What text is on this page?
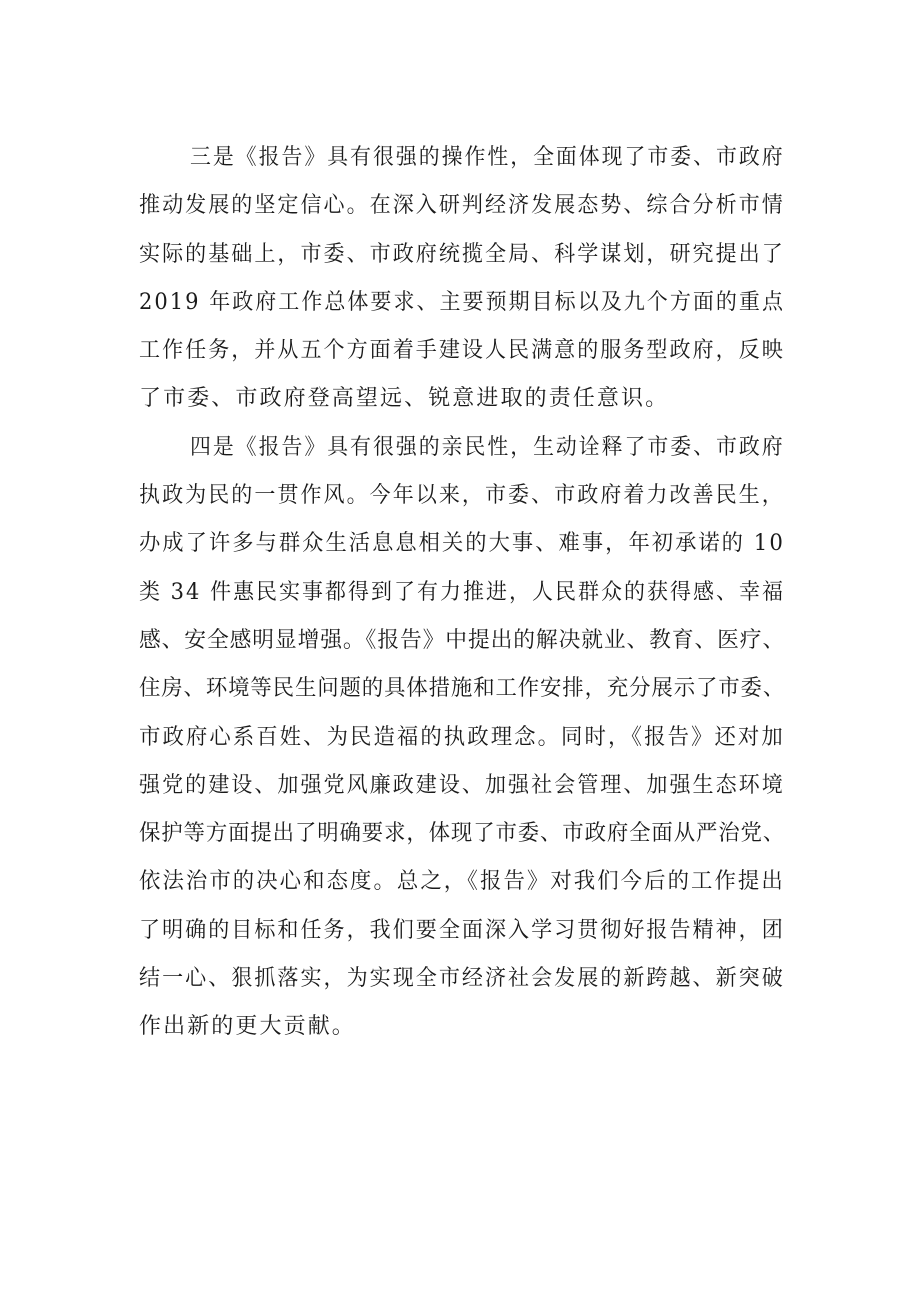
三是《报告》具有很强的操作性，全面体现了市委、市政府
推动发展的坚定信心。在深入研判经济发展态势、综合分析市情
实际的基础上，市委、市政府统揽全局、科学谋划，研究提出了
2019 年政府工作总体要求、主要预期目标以及九个方面的重点
工作任务，并从五个方面着手建设人民满意的服务型政府，反映
了市委、市政府登高望远、锐意进取的责任意识。
四是《报告》具有很强的亲民性，生动诠释了市委、市政府
执政为民的一贯作风。今年以来，市委、市政府着力改善民生，
办成了许多与群众生活息息相关的大事、难事，年初承诺的 10
类 34 件惠民实事都得到了有力推进，人民群众的获得感、幸福
感、安全感明显增强。《报告》中提出的解决就业、教育、医疗、
住房、环境等民生问题的具体措施和工作安排，充分展示了市委、
市政府心系百姓、为民造福的执政理念。同时，《报告》还对加
强党的建设、加强党风廉政建设、加强社会管理、加强生态环境
保护等方面提出了明确要求，体现了市委、市政府全面从严治党、
依法治市的决心和态度。总之，《报告》对我们今后的工作提出
了明确的目标和任务，我们要全面深入学习贯彻好报告精神，团
结一心、狠抓落实，为实现全市经济社会发展的新跨越、新突破
作出新的更大贡献。
